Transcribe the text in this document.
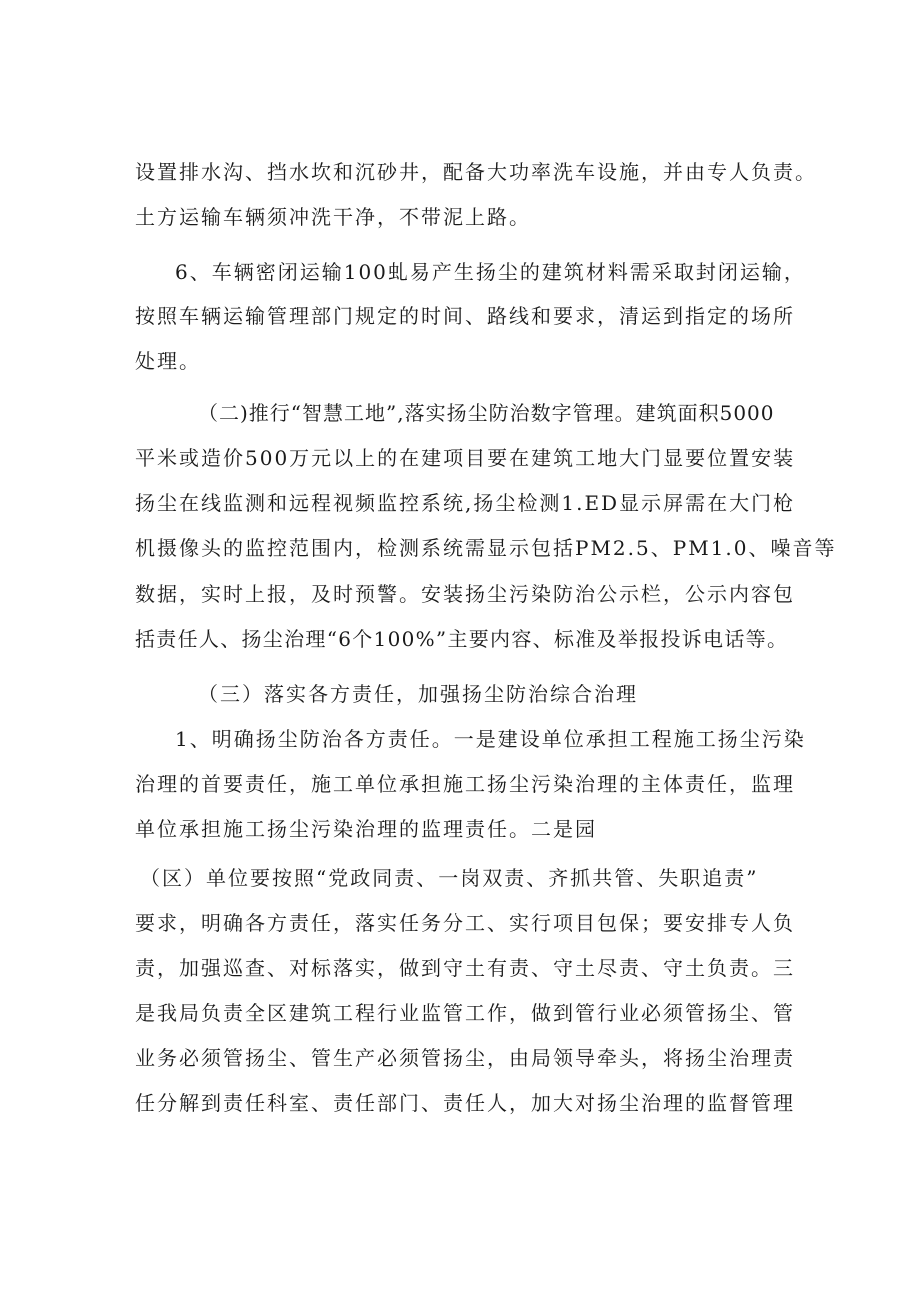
设置排水沟、挡水坎和沉砂井，配备大功率洗车设施，并由专人负责。
土方运输车辆须冲洗干净，不带泥上路。
6、车辆密闭运输100虬易产生扬尘的建筑材料需采取封闭运输，
按照车辆运输管理部门规定的时间、路线和要求，清运到指定的场所
处理。
（二)推行“智慧工地”,落实扬尘防治数字管理。建筑面积5000
平米或造价500万元以上的在建项目要在建筑工地大门显要位置安装
扬尘在线监测和远程视频监控系统,扬尘检测1.ED显示屏需在大门枪
机摄像头的监控范围内，检测系统需显示包括PM2.5、PM1.0、噪音等
数据，实时上报，及时预警。安装扬尘污染防治公示栏，公示内容包
括责任人、扬尘治理“6个100%”主要内容、标准及举报投诉电话等。
（三）落实各方责任，加强扬尘防治综合治理
1、明确扬尘防治各方责任。一是建设单位承担工程施工扬尘污染
治理的首要责任，施工单位承担施工扬尘污染治理的主体责任，监理
单位承担施工扬尘污染治理的监理责任。二是园
（区）单位要按照“党政同责、一岗双责、齐抓共管、失职追责”
要求，明确各方责任，落实任务分工、实行项目包保；要安排专人负
责，加强巡查、对标落实，做到守土有责、守土尽责、守土负责。三
是我局负责全区建筑工程行业监管工作，做到管行业必须管扬尘、管
业务必须管扬尘、管生产必须管扬尘，由局领导牵头，将扬尘治理责
任分解到责任科室、责任部门、责任人，加大对扬尘治理的监督管理
